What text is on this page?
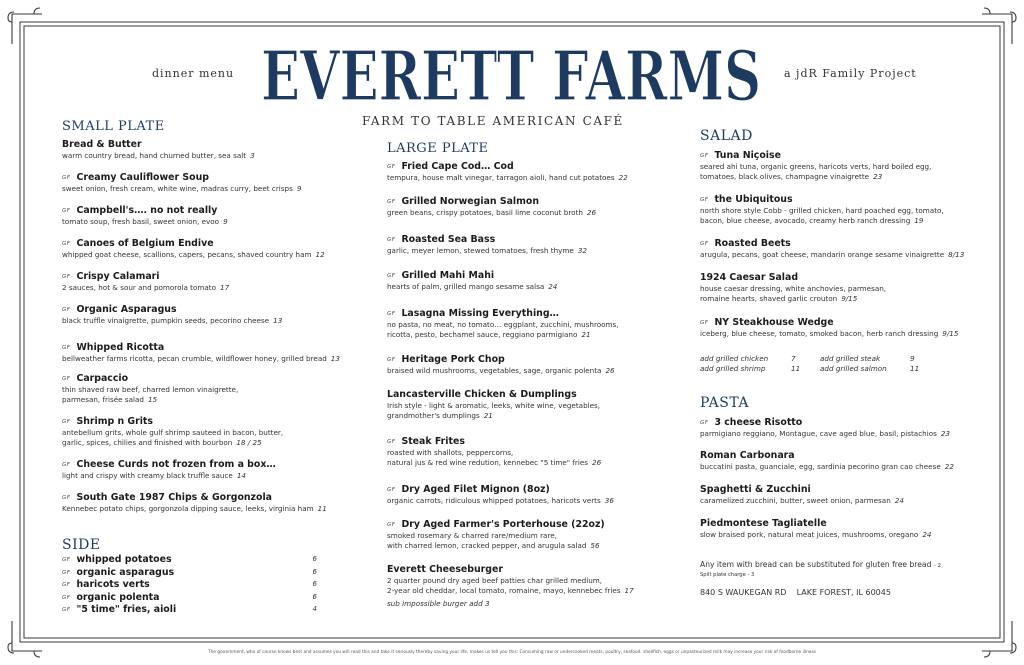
dinner menu EVERETT FARMS a jdR Family Project
FARM TO TABLE AMERICAN CAFÉ
SMALL PLATE
Bread & Butter
warm country bread, hand churned butter, sea salt 3
GF Creamy Cauliflower Soup
sweet onion, fresh cream, white wine, madras curry, beet crisps 9
GF Campbell's…. no not really
tomato soup, fresh basil, sweet onion, evoo 9
GF Canoes of Belgium Endive
whipped goat cheese, scallions, capers, pecans, shaved country ham 12
GF Crispy Calamari
2 sauces, hot & sour and pomorola tomato 17
GF Organic Asparagus
black truffle vinaigrette, pumpkin seeds, pecorino cheese 13
GF Whipped Ricotta
bellweather farms ricotta, pecan crumble, wildflower honey, grilled bread 13
GF Carpaccio
thin shaved raw beef, charred lemon vinaigrette,
parmesan, frisée salad 15
GF Shrimp n Grits
antebellum grits, whole gulf shrimp sauteed in bacon, butter,
garlic, spices, chilies and finished with bourbon 18 / 25
GF Cheese Curds not frozen from a box…
light and crispy with creamy black truffle sauce 14
GF South Gate 1987 Chips & Gorgonzola
Kennebec potato chips, gorgonzola dipping sauce, leeks, virginia ham 11
SIDE
GF whipped potatoes	6
GF organic asparagus	6
GF haricots verts	6
GF organic polenta	6
GF "5 time" fries, aioli	4
LARGE PLATE
GF Fried Cape Cod… Cod
tempura, house malt vinegar, tarragon aioli, hand cut potatoes 22
GF Grilled Norwegian Salmon
green beans, crispy potatoes, basil lime coconut broth 26
GF Roasted Sea Bass
garlic, meyer lemon, stewed tomatoes, fresh thyme 32
GF Grilled Mahi Mahi
hearts of palm, grilled mango sesame salsa 24
GF Lasagna Missing Everything…
no pasta, no meat, no tomato… eggplant, zucchini, mushrooms,
ricotta, pesto, bechamel sauce, reggiano parmigiano 21
GF Heritage Pork Chop
braised wild mushrooms, vegetables, sage, organic polenta 26
Lancasterville Chicken & Dumplings
Irish style - light & aromatic, leeks, white wine, vegetables,
grandmother's dumplings 21
GF Steak Frites
roasted with shallots, peppercorns,
natural jus & red wine redution, kennebec "5 time" fries 26
GF Dry Aged Filet Mignon (8oz)
organic carrots, ridiculous whipped potatoes, haricots verts 36
GF Dry Aged Farmer's Porterhouse (22oz)
smoked rosemary & charred rare/medium rare,
with charred lemon, cracked pepper, and arugula salad 56
Everett Cheeseburger
2 quarter pound dry aged beef patties char grilled medium,
2-year old cheddar, local tomato, romaine, mayo, kennebec fries 17
sub impossible burger add 3
SALAD
GF Tuna Niçoise
seared ahi tuna, organic greens, haricots verts, hard boiled egg,
tomatoes, black olives, champagne vinaigrette 23
GF the Ubiquitous
north shore style Cobb - grilled chicken, hard poached egg, tomato,
bacon, blue cheese, avocado, creamy herb ranch dressing 19
GF Roasted Beets
arugula, pecans, goat cheese, mandarin orange sesame vinaigrette 8/13
1924 Caesar Salad
house caesar dressing, white anchovies, parmesan,
romaine hearts, shaved garlic crouton 9/15
GF NY Steakhouse Wedge
iceberg, blue cheese, tomato, smoked bacon, herb ranch dressing 9/15
add grilled chicken	7	add grilled steak	9
add grilled shrimp	11	add grilled salmon	11
PASTA
GF 3 cheese Risotto
parmigiano reggiano, Montague, cave aged blue, basil, pistachios 23
Roman Carbonara
buccatini pasta, guanciale, egg, sardinia pecorino gran cao cheese 22
Spaghetti & Zucchini
caramelized zucchini, butter, sweet onion, parmesan 24
Piedmontese Tagliatelle
slow braised pork, natural meat juices, mushrooms, oregano 24
Any item with bread can be substituted for gluten free bread - 2
Split plate charge - 3
840 S WAUKEGAN RD    LAKE FOREST, IL 60045
The government, who of course knows best and assumes you will read this and take it seriously thereby saving your life, makes us tell you this: Consuming raw or undercooked meats, poultry, seafood, shellfish, eggs or unpasteurized milk may increase your risk of foodborne illness
